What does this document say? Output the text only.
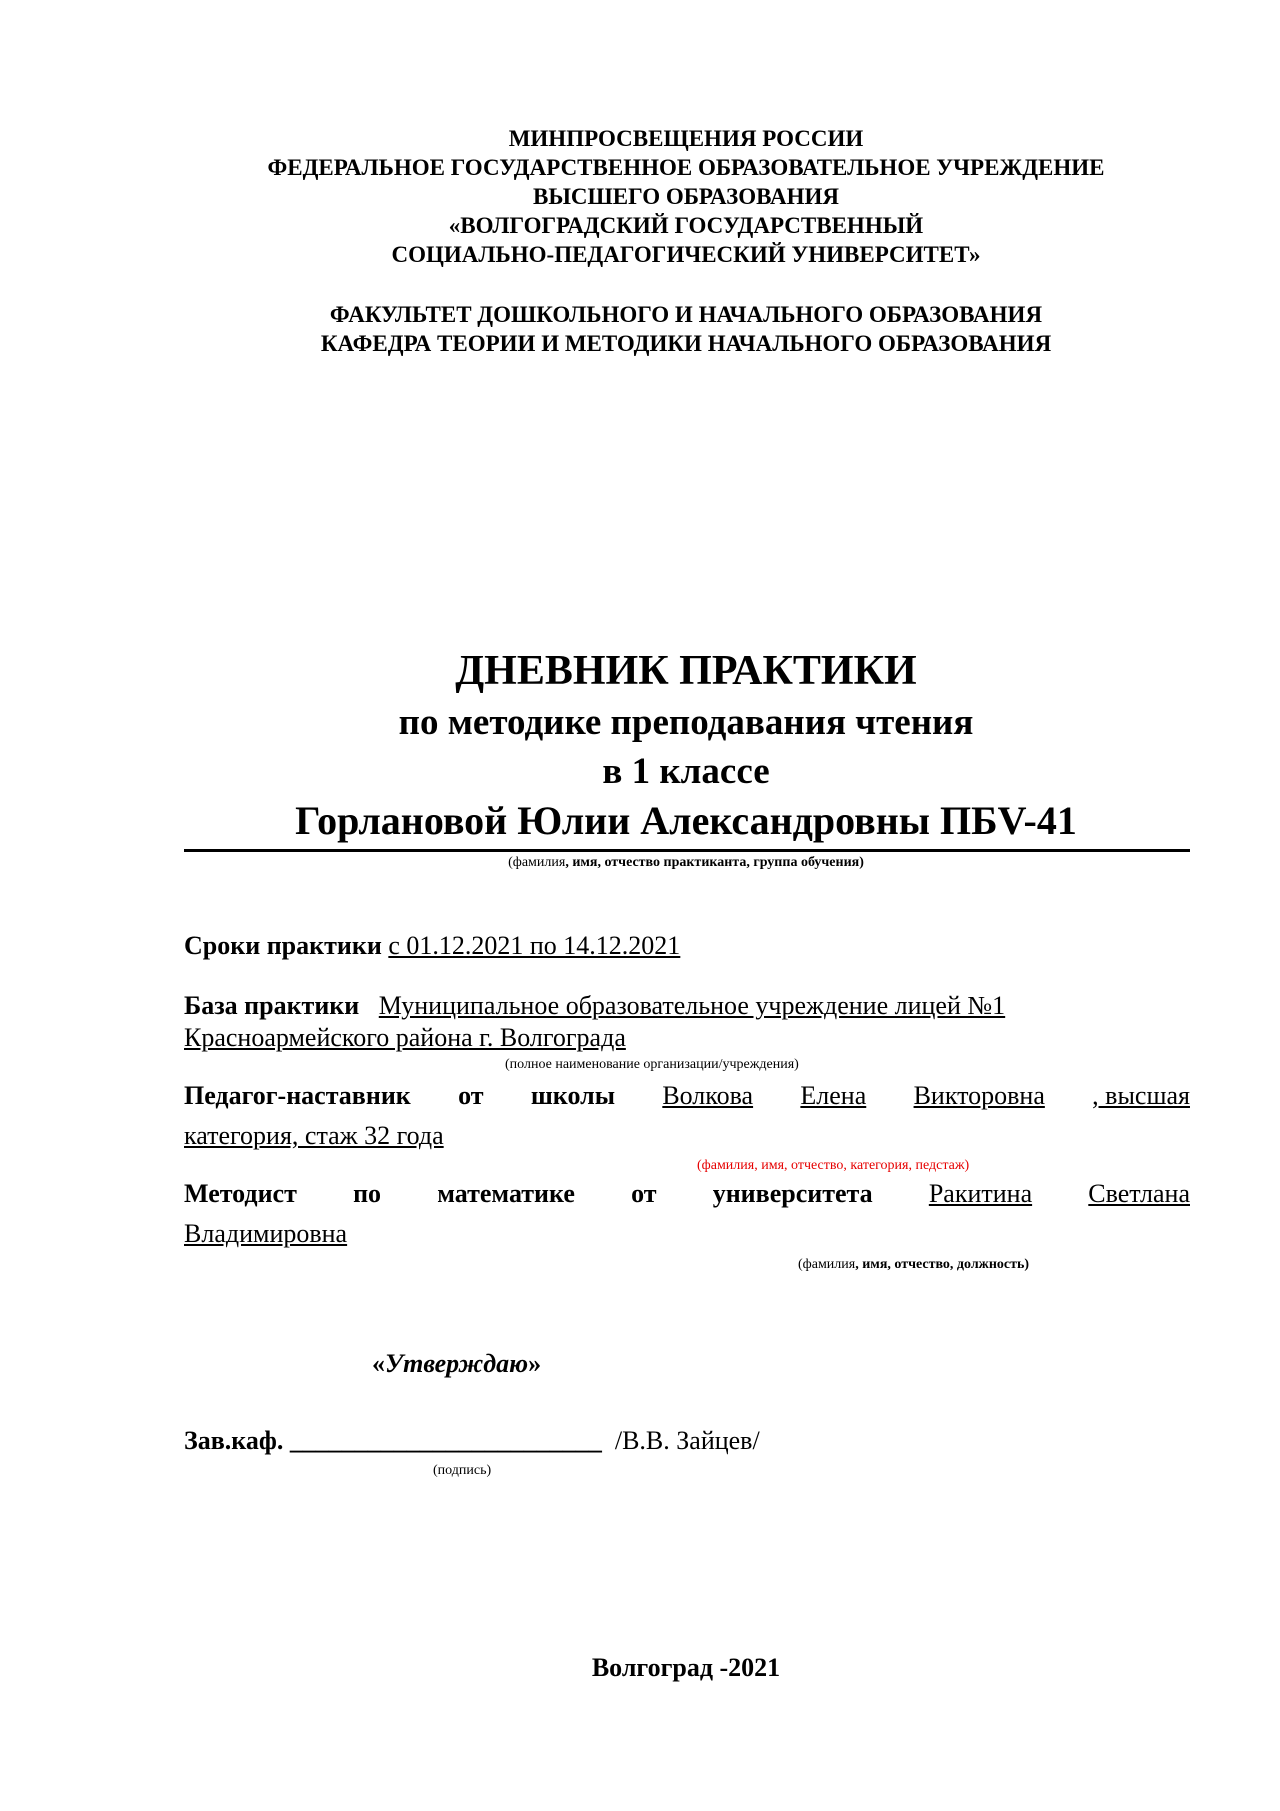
МИНПРОСВЕЩЕНИЯ РОССИИ
ФЕДЕРАЛЬНОЕ ГОСУДАРСТВЕННОЕ ОБРАЗОВАТЕЛЬНОЕ УЧРЕЖДЕНИЕ
ВЫСШЕГО ОБРАЗОВАНИЯ
«ВОЛГОГРАДСКИЙ ГОСУДАРСТВЕННЫЙ
СОЦИАЛЬНО-ПЕДАГОГИЧЕСКИЙ УНИВЕРСИТЕТ»
ФАКУЛЬТЕТ ДОШКОЛЬНОГО И НАЧАЛЬНОГО ОБРАЗОВАНИЯ
КАФЕДРА ТЕОРИИ И МЕТОДИКИ НАЧАЛЬНОГО ОБРАЗОВАНИЯ
ДНЕВНИК ПРАКТИКИ
по методике преподавания чтения
в 1 классе
Горлановой Юлии Александровны ПБV-41
(фамилия, имя, отчество практиканта, группа обучения)
Сроки практики с 01.12.2021 по 14.12.2021
База практики Муниципальное образовательное учреждение лицей №1
Красноармейского района г. Волгограда
(полное наименование организации/учреждения)
Педагог-наставник от школы Волкова Елена Викторовна , высшая
категория, стаж 32 года
(фамилия, имя, отчество, категория, педстаж)
Методист по математике от университета Ракитина Светлана
Владимировна
(фамилия, имя, отчество, должность)
«Утверждаю»
Зав.каф. ________________________ /В.В. Зайцев/
(подпись)
Волгоград -2021
